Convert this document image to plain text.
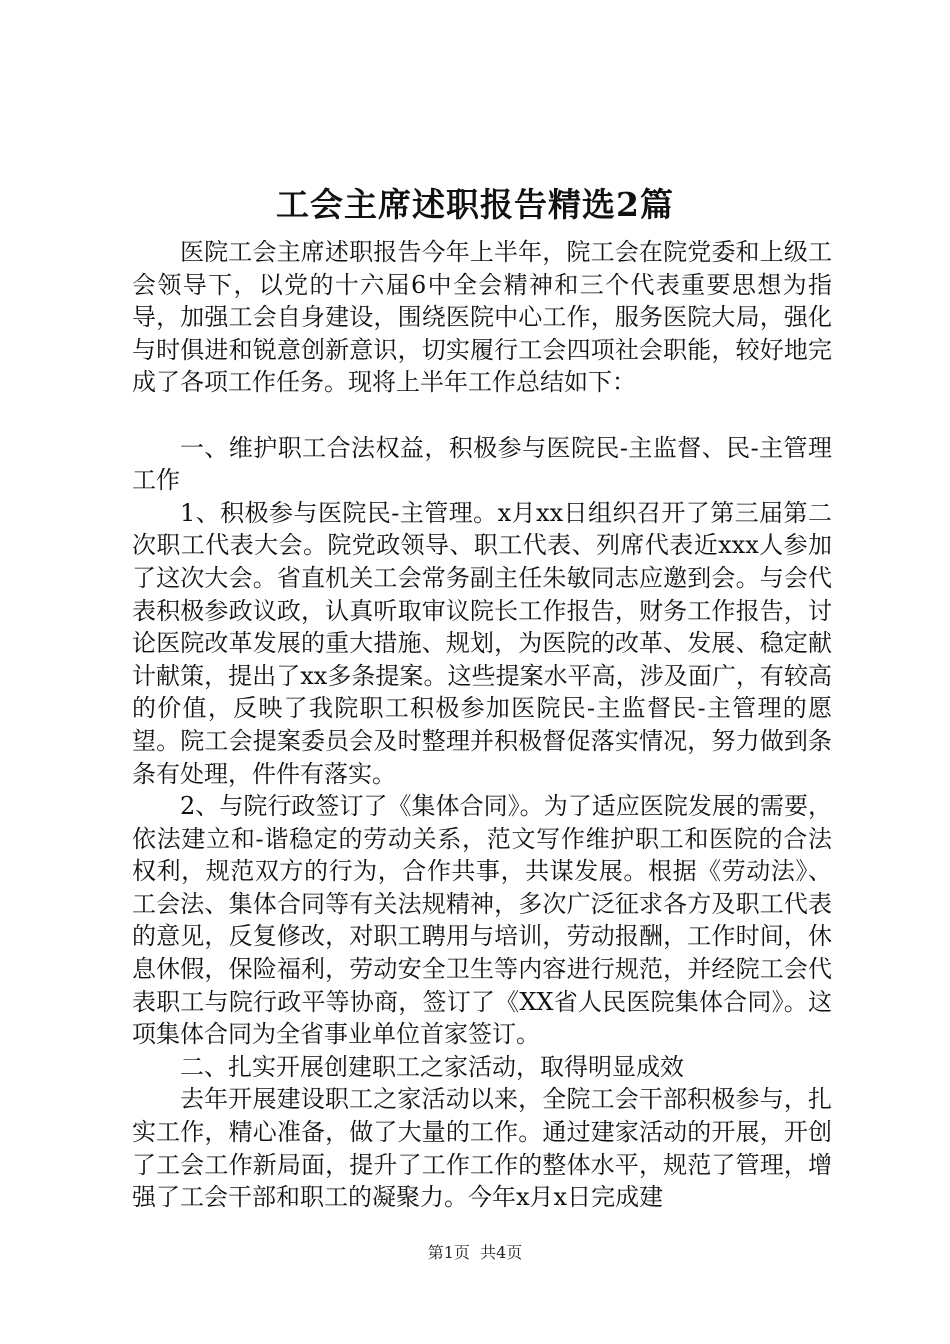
工会主席述职报告精选2篇

医院工会主席述职报告今年上半年，院工会在院党委和上级工会领导下，以党的十六届6中全会精神和三个代表重要思想为指导，加强工会自身建设，围绕医院中心工作，服务医院大局，强化与时俱进和锐意创新意识，切实履行工会四项社会职能，较好地完成了各项工作任务。现将上半年工作总结如下：

一、维护职工合法权益，积极参与医院民-主监督、民-主管理工作

1、积极参与医院民-主管理。x月xx日组织召开了第三届第二次职工代表大会。院党政领导、职工代表、列席代表近xxx人参加了这次大会。省直机关工会常务副主任朱敏同志应邀到会。与会代表积极参政议政，认真听取审议院长工作报告，财务工作报告，讨论医院改革发展的重大措施、规划，为医院的改革、发展、稳定献计献策，提出了xx多条提案。这些提案水平高，涉及面广，有较高的价值，反映了我院职工积极参加医院民-主监督民-主管理的愿望。院工会提案委员会及时整理并积极督促落实情况，努力做到条条有处理，件件有落实。

2、与院行政签订了《集体合同》。为了适应医院发展的需要，依法建立和-谐稳定的劳动关系，范文写作维护职工和医院的合法权利，规范双方的行为，合作共事，共谋发展。根据《劳动法》、工会法、集体合同等有关法规精神，多次广泛征求各方及职工代表的意见，反复修改，对职工聘用与培训，劳动报酬，工作时间，休息休假，保险福利，劳动安全卫生等内容进行规范，并经院工会代表职工与院行政平等协商，签订了《XX省人民医院集体合同》。这项集体合同为全省事业单位首家签订。

二、扎实开展创建职工之家活动，取得明显成效

去年开展建设职工之家活动以来，全院工会干部积极参与，扎实工作，精心准备，做了大量的工作。通过建家活动的开展，开创了工会工作新局面，提升了工作工作的整体水平，规范了管理，增强了工会干部和职工的凝聚力。今年x月x日完成建

第1页 共4页
